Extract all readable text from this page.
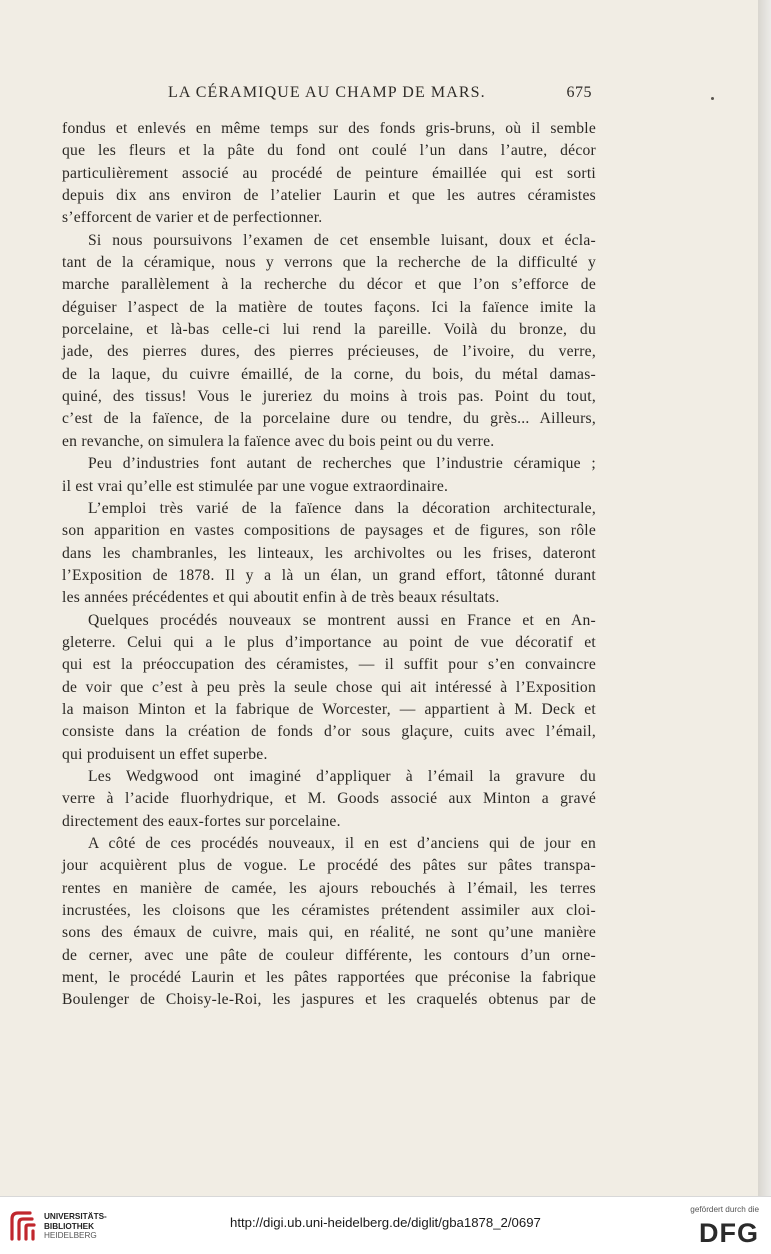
LA CÉRAMIQUE AU CHAMP DE MARS.	675
fondus et enlevés en même temps sur des fonds gris-bruns, où il semble
que les fleurs et la pâte du fond ont coulé l’un dans l’autre, décor
particulièrement associé au procédé de peinture émaillée qui est sorti
depuis dix ans environ de l’atelier Laurin et que les autres céramistes
s’efforcent de varier et de perfectionner.
Si nous poursuivons l’examen de cet ensemble luisant, doux et écla-
tant de la céramique, nous y verrons que la recherche de la difficulté y
marche parallèlement à la recherche du décor et que l’on s’efforce de
déguiser l’aspect de la matière de toutes façons. Ici la faïence imite la
porcelaine, et là-bas celle-ci lui rend la pareille. Voilà du bronze, du
jade, des pierres dures, des pierres précieuses, de l’ivoire, du verre,
de la laque, du cuivre émaillé, de la corne, du bois, du métal damas-
quiné, des tissus! Vous le jureriez du moins à trois pas. Point du tout,
c’est de la faïence, de la porcelaine dure ou tendre, du grès... Ailleurs,
en revanche, on simulera la faïence avec du bois peint ou du verre.
Peu d’industries font autant de recherches que l’industrie céramique ;
il est vrai qu’elle est stimulée par une vogue extraordinaire.
L’emploi très varié de la faïence dans la décoration architecturale,
son apparition en vastes compositions de paysages et de figures, son rôle
dans les chambranles, les linteaux, les archivoltes ou les frises, dateront
l’Exposition de 1878. Il y a là un élan, un grand effort, tâtonné durant
les années précédentes et qui aboutit enfin à de très beaux résultats.
Quelques procédés nouveaux se montrent aussi en France et en An-
gleterre. Celui qui a le plus d’importance au point de vue décoratif et
qui est la préoccupation des céramistes, — il suffit pour s’en convaincre
de voir que c’est à peu près la seule chose qui ait intéressé à l’Exposition
la maison Minton et la fabrique de Worcester, — appartient à M. Deck et
consiste dans la création de fonds d’or sous glaçure, cuits avec l’émail,
qui produisent un effet superbe.
Les Wedgwood ont imaginé d’appliquer à l’émail la gravure du
verre à l’acide fluorhydrique, et M. Goods associé aux Minton a gravé
directement des eaux-fortes sur porcelaine.
A côté de ces procédés nouveaux, il en est d’anciens qui de jour en
jour acquièrent plus de vogue. Le procédé des pâtes sur pâtes transpa-
rentes en manière de camée, les ajours rebouchés à l’émail, les terres
incrustées, les cloisons que les céramistes prétendent assimiler aux cloi-
sons des émaux de cuivre, mais qui, en réalité, ne sont qu’une manière
de cerner, avec une pâte de couleur différente, les contours d’un orne-
ment, le procédé Laurin et les pâtes rapportées que préconise la fabrique
Boulenger de Choisy-le-Roi, les jaspures et les craquelés obtenus par de
UNIVERSITÄTS-
BIBLIOTHEK
HEIDELBERG
http://digi.ub.uni-heidelberg.de/diglit/gba1878_2/0697
gefördert durch die
DFG
